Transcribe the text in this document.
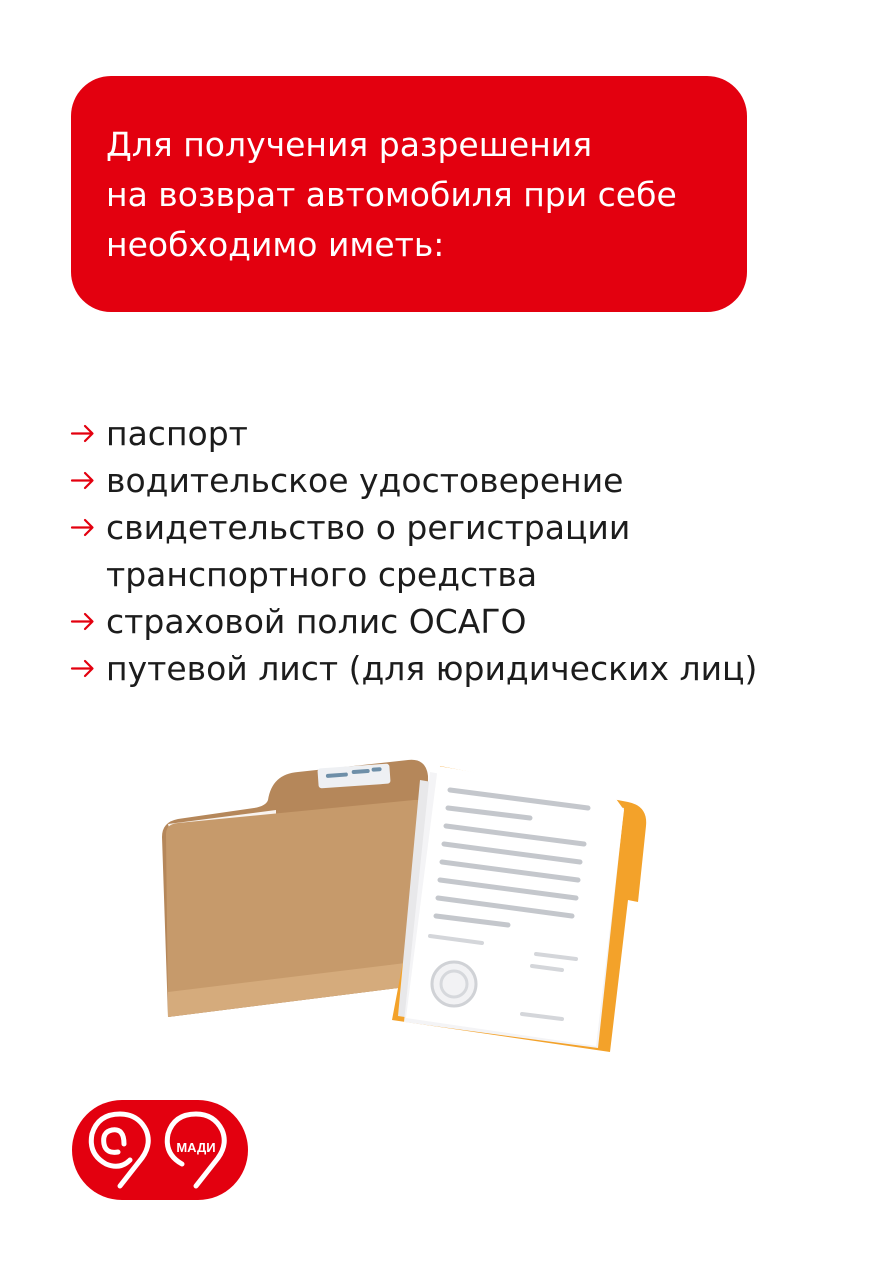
Для получения разрешения
на возврат автомобиля при себе
необходимо иметь:
паспорт
водительское удостоверение
свидетельство о регистрации
транспортного средства
страховой полис ОСАГО
путевой лист (для юридических лиц)
МАДИ
